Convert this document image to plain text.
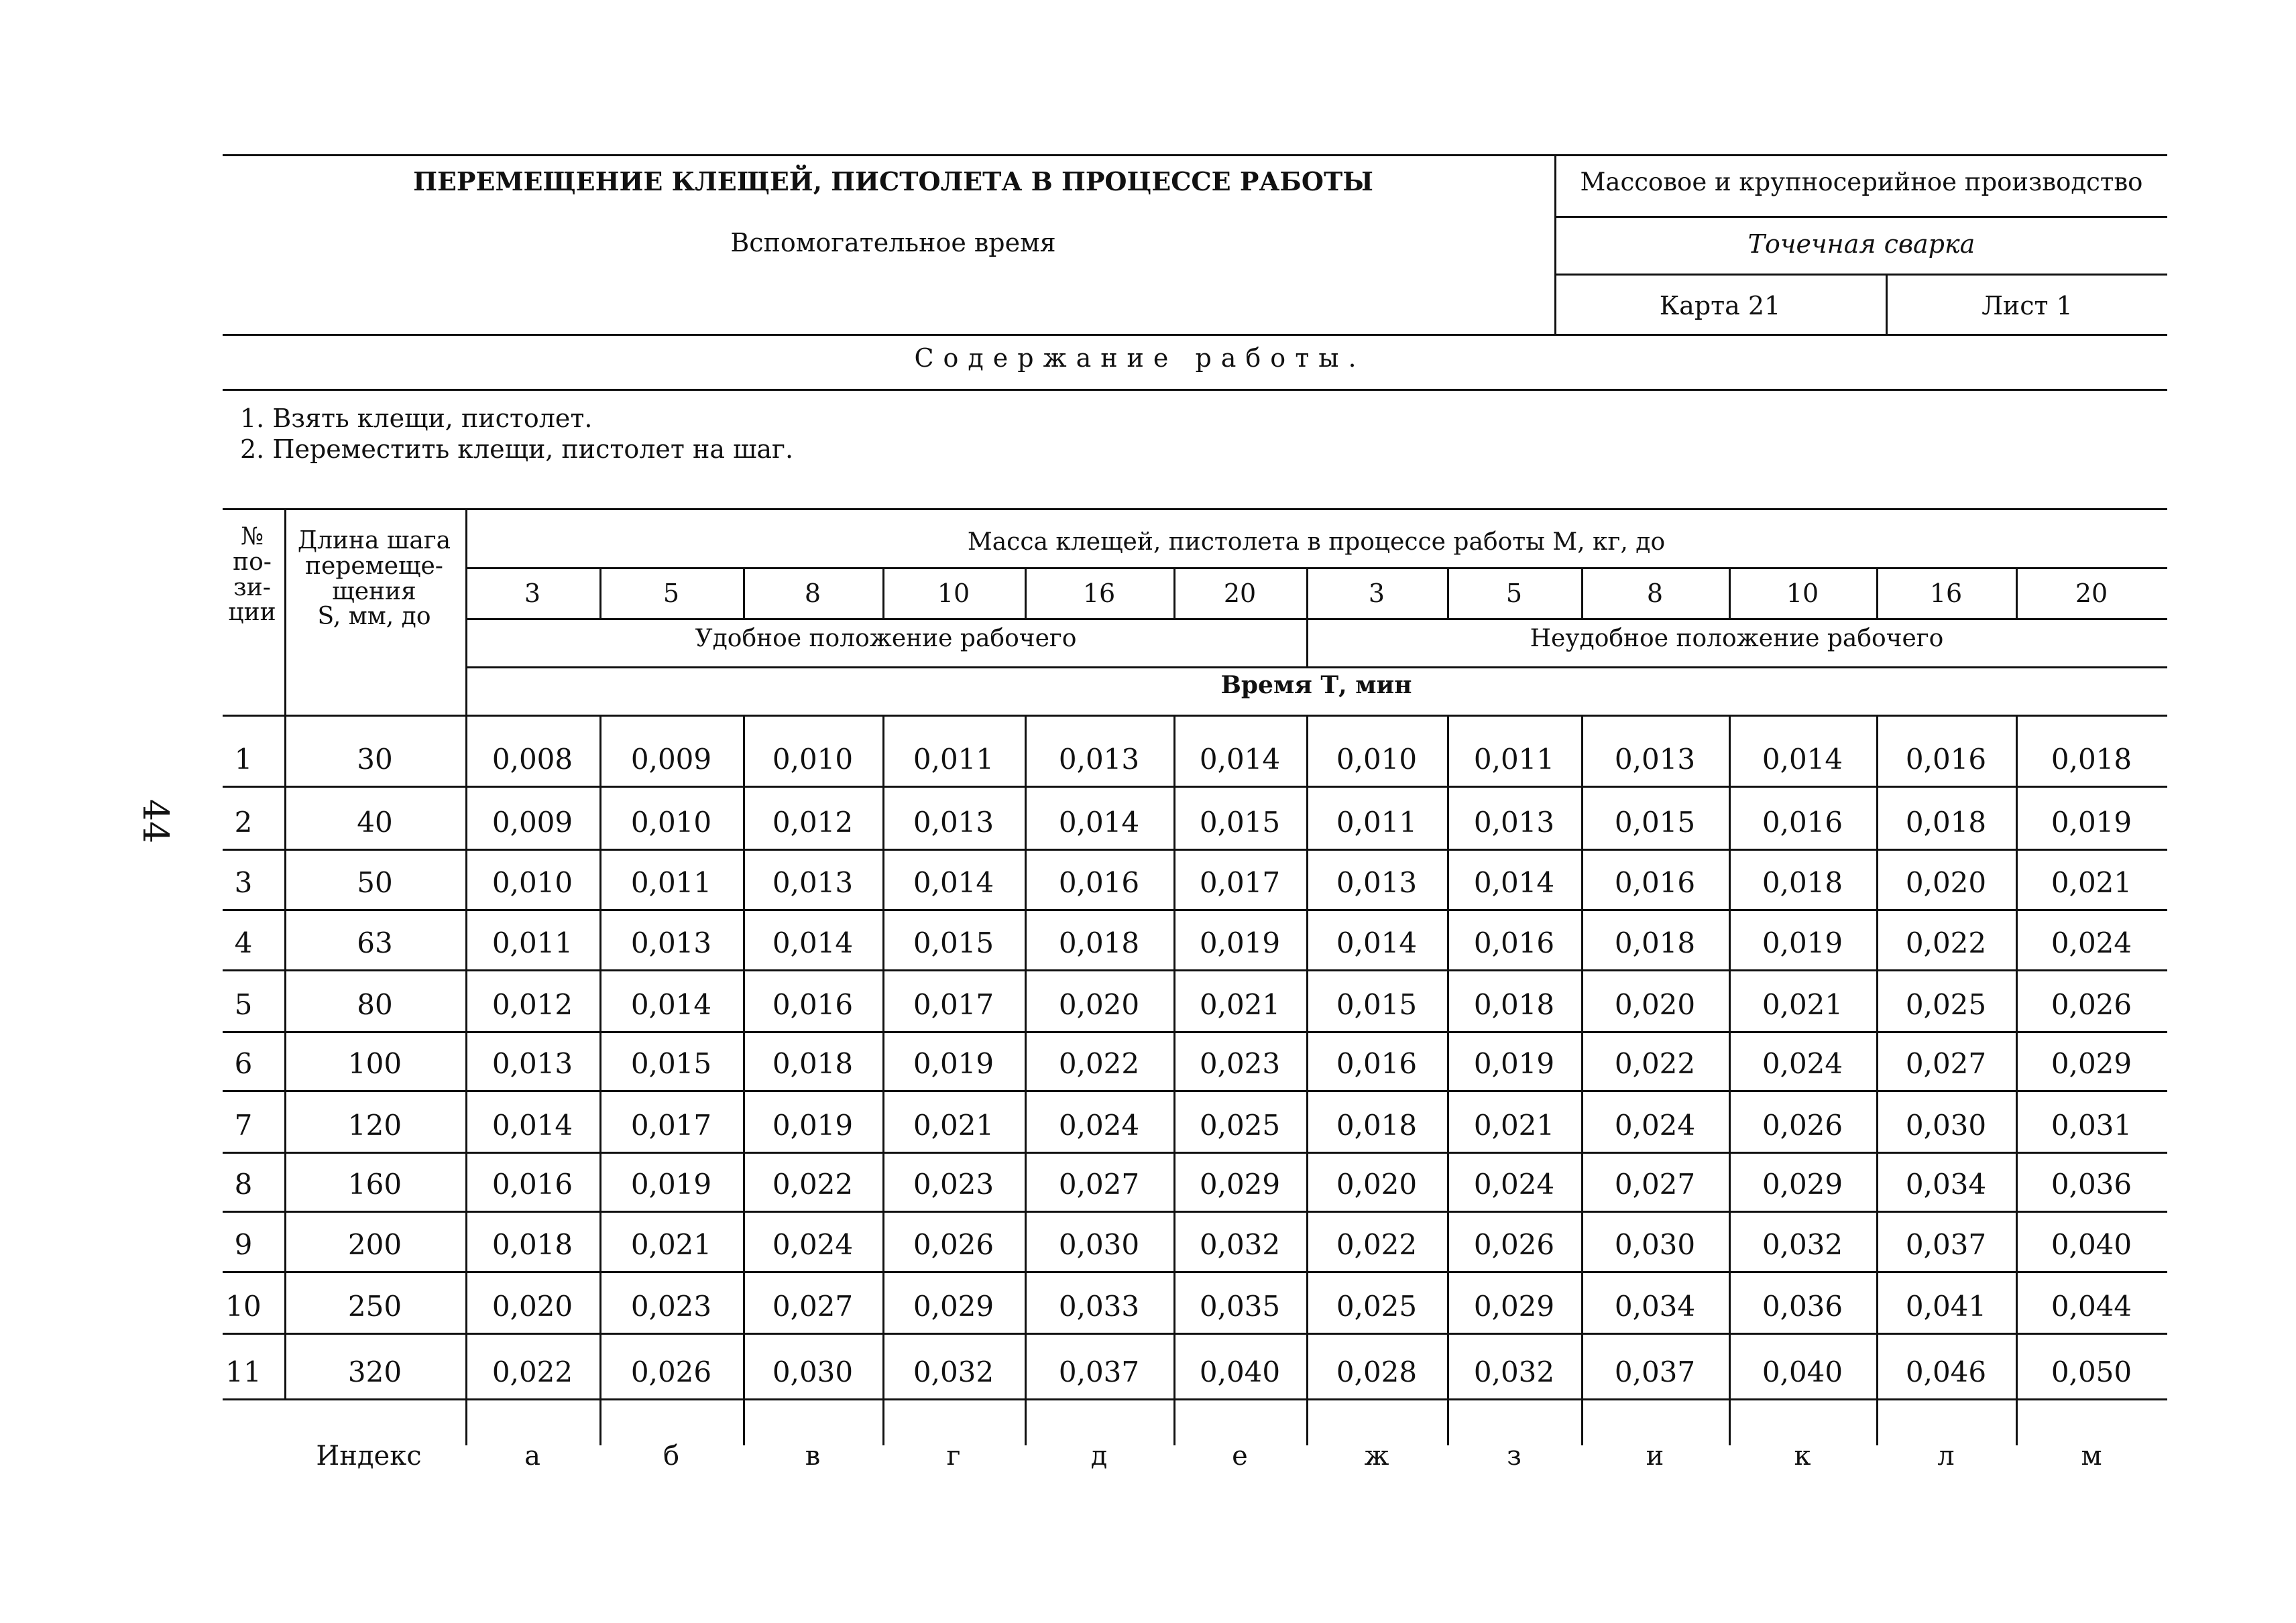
ПЕРЕМЕЩЕНИЕ КЛЕЩЕЙ, ПИСТОЛЕТА В ПРОЦЕССЕ РАБОТЫ
Вспомогательное время
Массовое и крупносерийное производство
Точечная сварка
Карта 21	Лист 1
Содержание работы.
1. Взять клещи, пистолет.
2. Переместить клещи, пистолет на шаг.
44
№
по-
зи-
ции
Длина шага
перемеще-
щения
S, мм, до
Масса клещей, пистолета в процессе работы М, кг, до
3	5	8	10	16	20	3	5	8	10	16	20
Удобное положение рабочего	Неудобное положение рабочего
Время Т, мин
1	30	0,008	0,009	0,010	0,011	0,013	0,014	0,010	0,011	0,013	0,014	0,016	0,018
2	40	0,009	0,010	0,012	0,013	0,014	0,015	0,011	0,013	0,015	0,016	0,018	0,019
3	50	0,010	0,011	0,013	0,014	0,016	0,017	0,013	0,014	0,016	0,018	0,020	0,021
4	63	0,011	0,013	0,014	0,015	0,018	0,019	0,014	0,016	0,018	0,019	0,022	0,024
5	80	0,012	0,014	0,016	0,017	0,020	0,021	0,015	0,018	0,020	0,021	0,025	0,026
6	100	0,013	0,015	0,018	0,019	0,022	0,023	0,016	0,019	0,022	0,024	0,027	0,029
7	120	0,014	0,017	0,019	0,021	0,024	0,025	0,018	0,021	0,024	0,026	0,030	0,031
8	160	0,016	0,019	0,022	0,023	0,027	0,029	0,020	0,024	0,027	0,029	0,034	0,036
9	200	0,018	0,021	0,024	0,026	0,030	0,032	0,022	0,026	0,030	0,032	0,037	0,040
10	250	0,020	0,023	0,027	0,029	0,033	0,035	0,025	0,029	0,034	0,036	0,041	0,044
11	320	0,022	0,026	0,030	0,032	0,037	0,040	0,028	0,032	0,037	0,040	0,046	0,050
Индекс	а	б	в	г	д	е	ж	з	и	к	л	м
